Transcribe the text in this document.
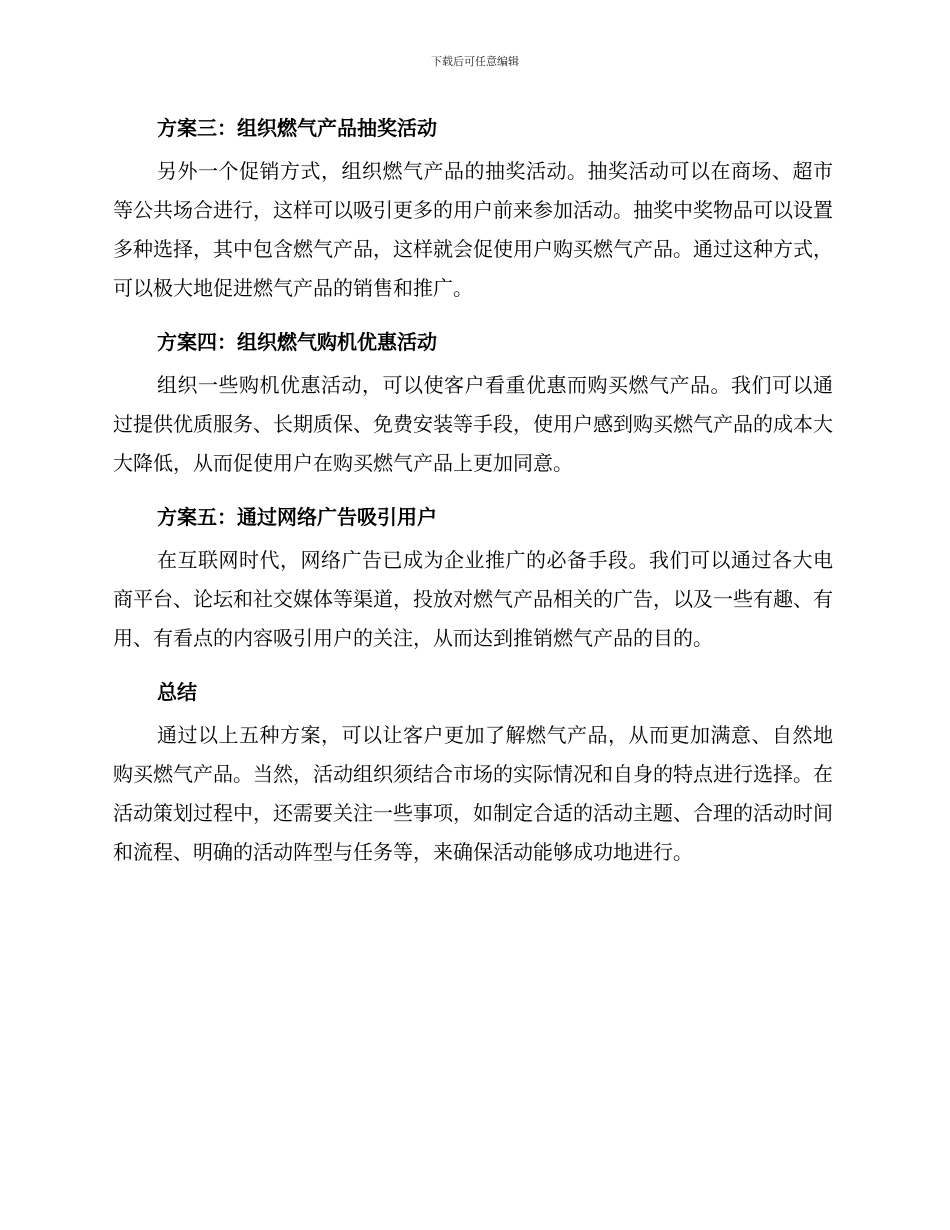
下载后可任意编辑
方案三：组织燃气产品抽奖活动

另外一个促销方式，组织燃气产品的抽奖活动。抽奖活动可以在商场、超市等公共场合进行，这样可以吸引更多的用户前来参加活动。抽奖中奖物品可以设置多种选择，其中包含燃气产品，这样就会促使用户购买燃气产品。通过这种方式，可以极大地促进燃气产品的销售和推广。

方案四：组织燃气购机优惠活动

组织一些购机优惠活动，可以使客户看重优惠而购买燃气产品。我们可以通过提供优质服务、长期质保、免费安装等手段，使用户感到购买燃气产品的成本大大降低，从而促使用户在购买燃气产品上更加同意。

方案五：通过网络广告吸引用户

在互联网时代，网络广告已成为企业推广的必备手段。我们可以通过各大电商平台、论坛和社交媒体等渠道，投放对燃气产品相关的广告，以及一些有趣、有用、有看点的内容吸引用户的关注，从而达到推销燃气产品的目的。

总结

通过以上五种方案，可以让客户更加了解燃气产品，从而更加满意、自然地购买燃气产品。当然，活动组织须结合市场的实际情况和自身的特点进行选择。在活动策划过程中，还需要关注一些事项，如制定合适的活动主题、合理的活动时间和流程、明确的活动阵型与任务等，来确保活动能够成功地进行。
